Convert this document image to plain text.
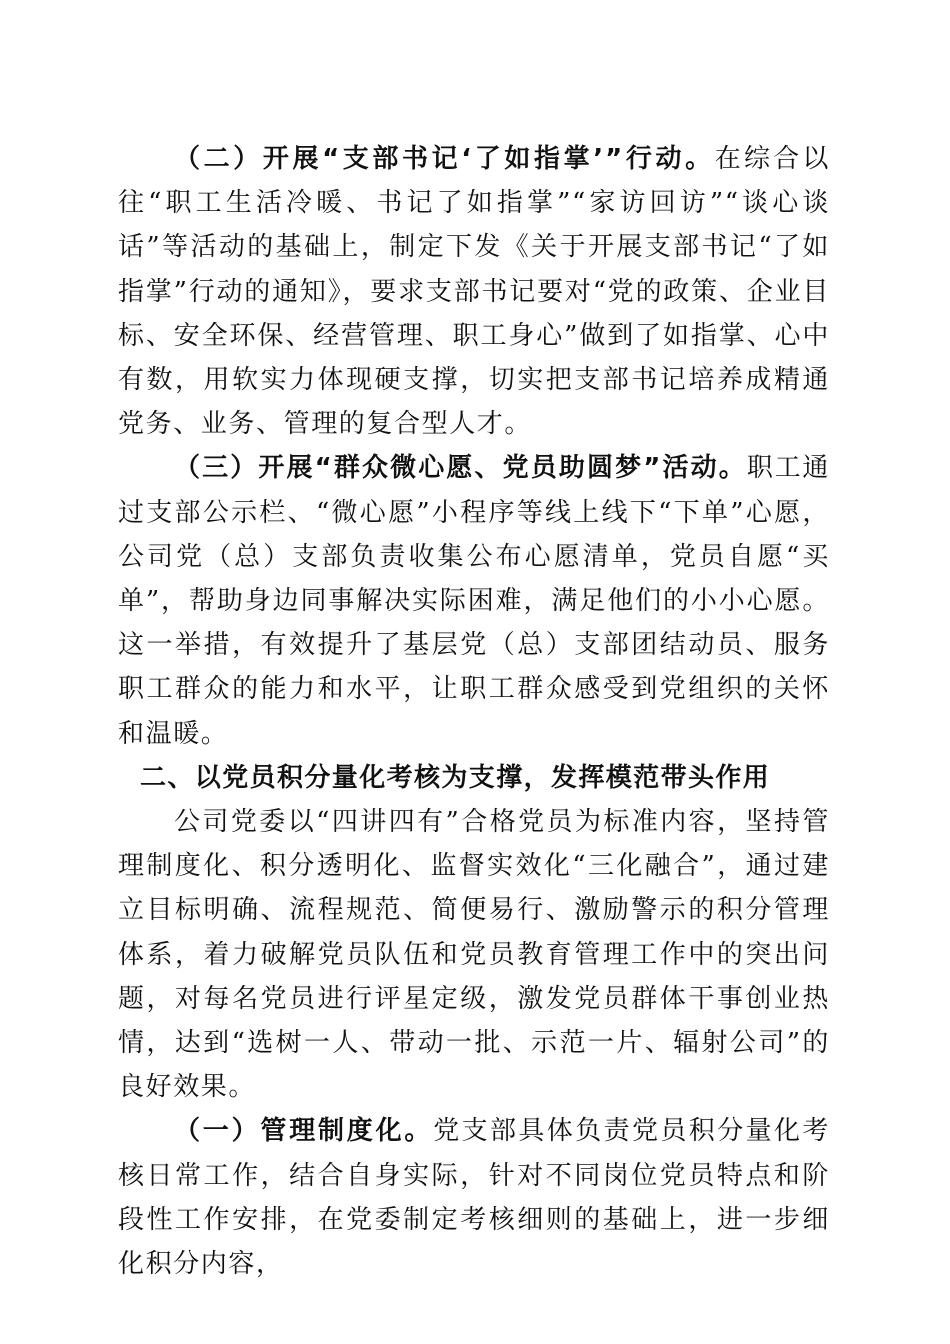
（二）开展“支部书记‘了如指掌’”行动。在综合以往“职工生活冷暖、书记了如指掌”“家访回访”“谈心谈话”等活动的基础上，制定下发《关于开展支部书记“了如指掌”行动的通知》，要求支部书记要对“党的政策、企业目标、安全环保、经营管理、职工身心”做到了如指掌、心中有数，用软实力体现硬支撑，切实把支部书记培养成精通党务、业务、管理的复合型人才。

（三）开展“群众微心愿、党员助圆梦”活动。职工通过支部公示栏、“微心愿”小程序等线上线下“下单”心愿，公司党（总）支部负责收集公布心愿清单，党员自愿“买单”，帮助身边同事解决实际困难，满足他们的小小心愿。这一举措，有效提升了基层党（总）支部团结动员、服务职工群众的能力和水平，让职工群众感受到党组织的关怀和温暖。

二、以党员积分量化考核为支撑，发挥模范带头作用

公司党委以“四讲四有”合格党员为标准内容，坚持管理制度化、积分透明化、监督实效化“三化融合”，通过建立目标明确、流程规范、简便易行、激励警示的积分管理体系，着力破解党员队伍和党员教育管理工作中的突出问题，对每名党员进行评星定级，激发党员群体干事创业热情，达到“选树一人、带动一批、示范一片、辐射公司”的良好效果。

（一）管理制度化。党支部具体负责党员积分量化考核日常工作，结合自身实际，针对不同岗位党员特点和阶段性工作安排，在党委制定考核细则的基础上，进一步细化积分内容，
